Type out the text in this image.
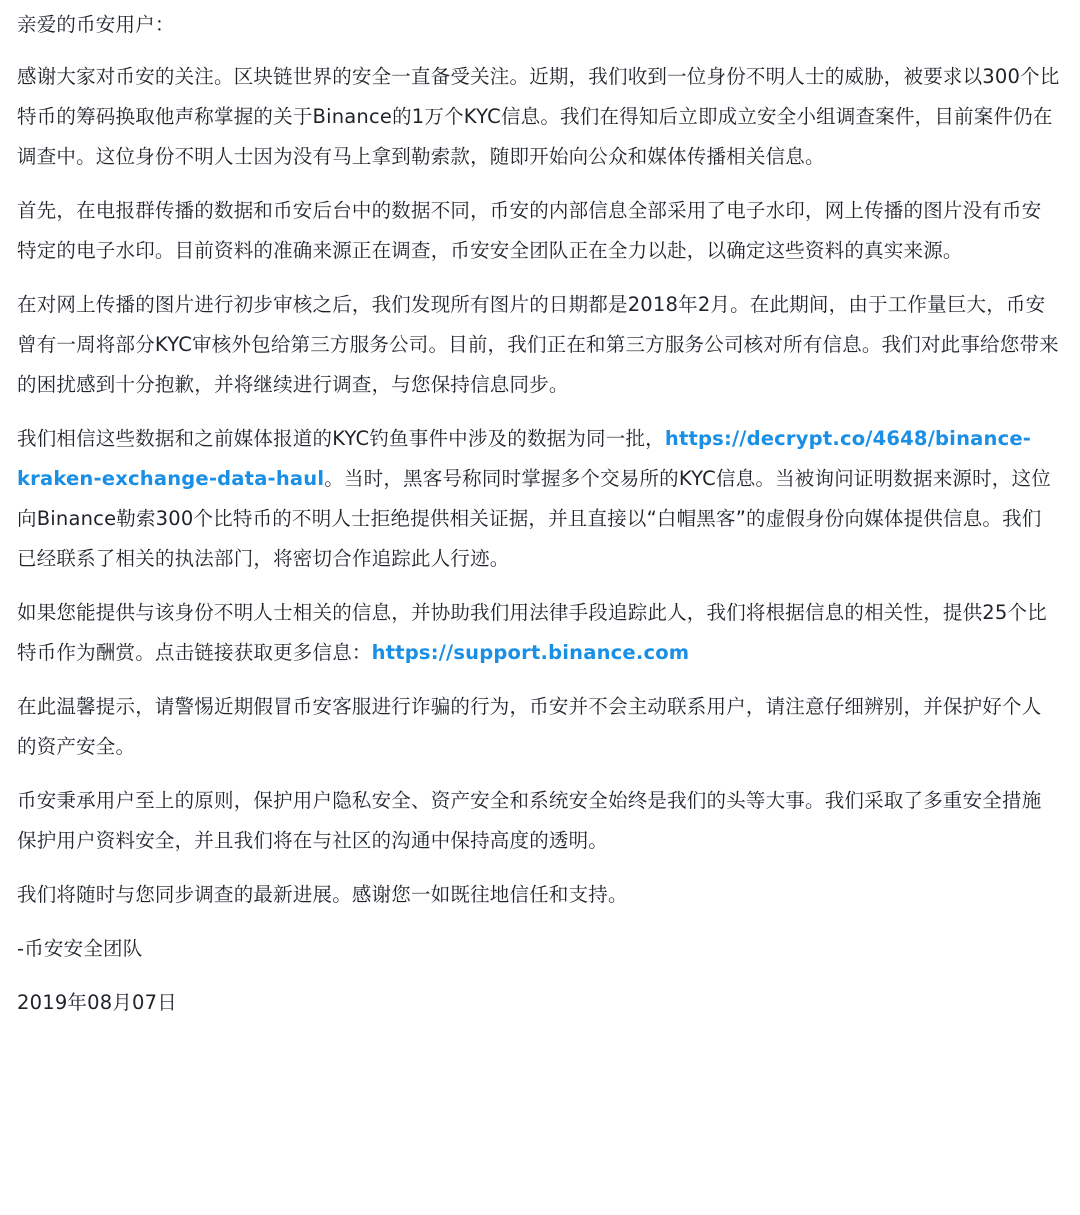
亲爱的币安用户：

感谢大家对币安的关注。区块链世界的安全一直备受关注。近期，我们收到一位身份不明人士的威胁，被要求以300个比特币的筹码换取他声称掌握的关于Binance的1万个KYC信息。我们在得知后立即成立安全小组调查案件，目前案件仍在调查中。这位身份不明人士因为没有马上拿到勒索款，随即开始向公众和媒体传播相关信息。

首先，在电报群传播的数据和币安后台中的数据不同，币安的内部信息全部采用了电子水印，网上传播的图片没有币安特定的电子水印。目前资料的准确来源正在调查，币安安全团队正在全力以赴，以确定这些资料的真实来源。

在对网上传播的图片进行初步审核之后，我们发现所有图片的日期都是2018年2月。在此期间，由于工作量巨大，币安曾有一周将部分KYC审核外包给第三方服务公司。目前，我们正在和第三方服务公司核对所有信息。我们对此事给您带来的困扰感到十分抱歉，并将继续进行调查，与您保持信息同步。

我们相信这些数据和之前媒体报道的KYC钓鱼事件中涉及的数据为同一批，https://decrypt.co/4648/binance-kraken-exchange-data-haul。当时，黑客号称同时掌握多个交易所的KYC信息。当被询问证明数据来源时，这位向Binance勒索300个比特币的不明人士拒绝提供相关证据，并且直接以“白帽黑客”的虚假身份向媒体提供信息。我们已经联系了相关的执法部门，将密切合作追踪此人行迹。

如果您能提供与该身份不明人士相关的信息，并协助我们用法律手段追踪此人，我们将根据信息的相关性，提供25个比特币作为酬赏。点击链接获取更多信息：https://support.binance.com

在此温馨提示，请警惕近期假冒币安客服进行诈骗的行为，币安并不会主动联系用户，请注意仔细辨别，并保护好个人的资产安全。

币安秉承用户至上的原则，保护用户隐私安全、资产安全和系统安全始终是我们的头等大事。我们采取了多重安全措施保护用户资料安全，并且我们将在与社区的沟通中保持高度的透明。

我们将随时与您同步调查的最新进展。感谢您一如既往地信任和支持。

-币安安全团队

2019年08月07日
